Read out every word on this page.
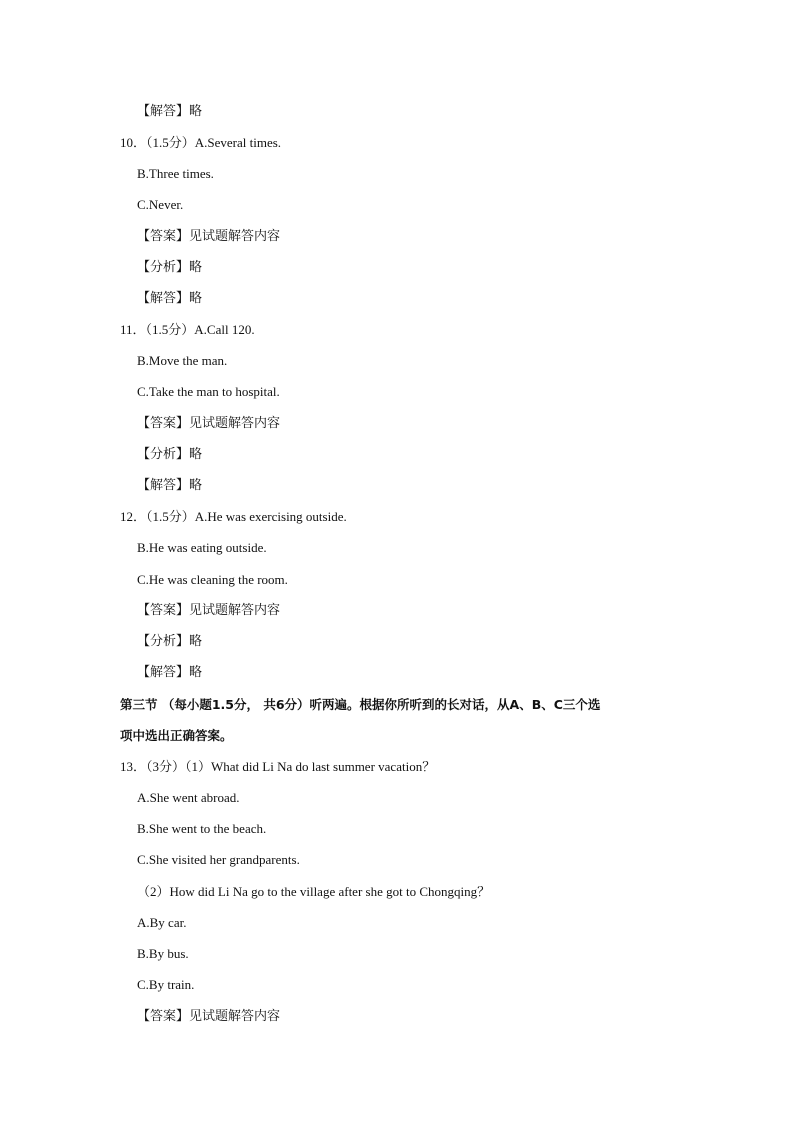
【解答】略
10．（1.5分）A.Several times.
B.Three times.
C.Never.
【答案】见试题解答内容
【分析】略
【解答】略
11．（1.5分）A.Call 120.
B.Move the man.
C.Take the man to hospital.
【答案】见试题解答内容
【分析】略
【解答】略
12．（1.5分）A.He was exercising outside.
B.He was eating outside.
C.He was cleaning the room.
【答案】见试题解答内容
【分析】略
【解答】略
第三节 （每小题1.5分， 共6分）听两遍。根据你所听到的长对话，从A、B、C三个选
项中选出正确答案。
13．（3分）（1）What did Li Na do last summer vacation？
A.She went abroad.
B.She went to the beach.
C.She visited her grandparents.
（2）How did Li Na go to the village after she got to Chongqing？
A.By car.
B.By bus.
C.By train.
【答案】见试题解答内容
